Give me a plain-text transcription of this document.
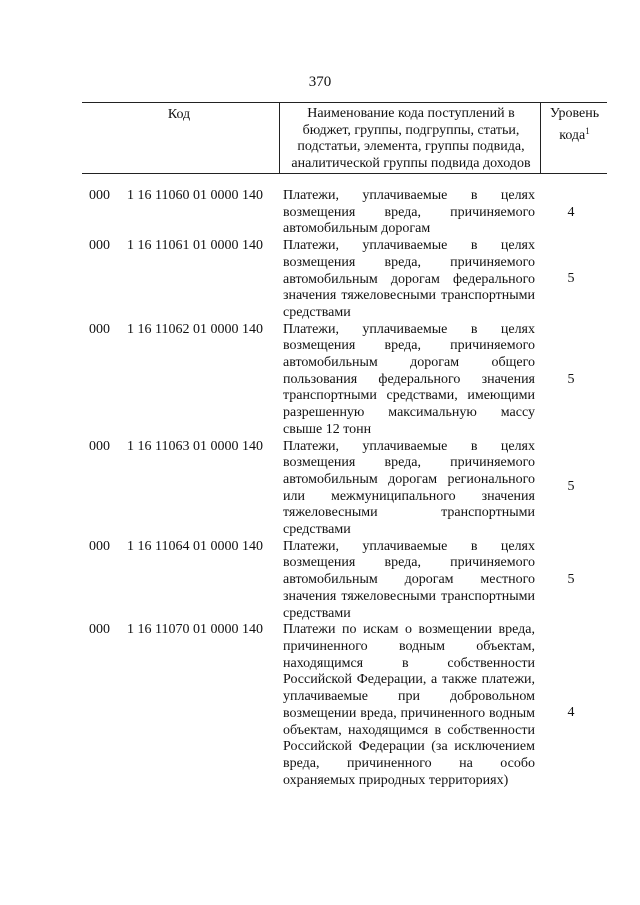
370
Код	Наименование кода поступлений в бюджет, группы, подгруппы, статьи, подстатьи, элемента, группы подвида, аналитической группы подвида доходов
Уровень кода$^1$
000 1 16 11060 01 0000 140 Платежи, уплачиваемые в целях возмещения вреда, причиняемого автомобильным дорогам
4
000 1 16 11061 01 0000 140 Платежи, уплачиваемые в целях возмещения вреда, причиняемого автомобильным дорогам федерального значения тяжеловесными транспортными средствами
5
000 1 16 11062 01 0000 140 Платежи, уплачиваемые в целях возмещения вреда, причиняемого автомобильным дорогам общего пользования федерального значения транспортными средствами, имеющими разрешенную максимальную массу свыше 12 тонн
5
000 1 16 11063 01 0000 140 Платежи, уплачиваемые в целях возмещения вреда, причиняемого автомобильным дорогам регионального или межмуниципального значения тяжеловесными транспортными средствами
5
000 1 16 11064 01 0000 140 Платежи, уплачиваемые в целях возмещения вреда, причиняемого автомобильным дорогам местного значения тяжеловесными транспортными средствами
5
000 1 16 11070 01 0000 140 Платежи по искам о возмещении вреда, причиненного водным объектам, находящимся в собственности Российской Федерации, а также платежи, уплачиваемые при добровольном возмещении вреда, причиненного водным объектам, находящимся в собственности Российской Федерации (за исключением вреда, причиненного на особо охраняемых природных территориях)
4
